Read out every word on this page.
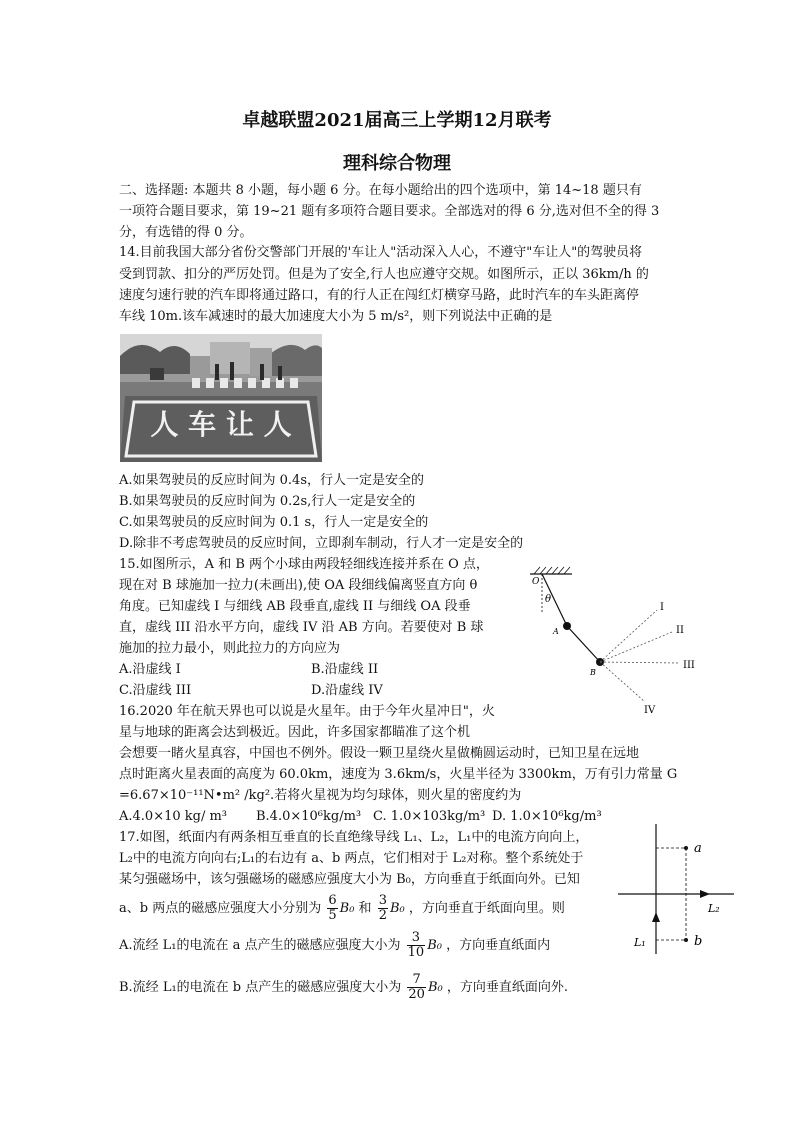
卓越联盟2021届高三上学期12月联考
理科综合物理
二、选择题: 本题共 8 小题，每小题 6 分。在每小题给出的四个选项中，第 14~18 题只有
一项符合题目要求，第 19~21 题有多项符合题目要求。全部选对的得 6 分,选对但不全的得 3
分，有选错的得 0 分。
14.目前我国大部分省份交警部门开展的'车让人"活动深入人心，不遵守"车让人"的驾驶员将
受到罚款、扣分的严厉处罚。但是为了安全,行人也应遵守交规。如图所示，正以 36km/h 的
速度匀速行驶的汽车即将通过路口，有的行人正在闯红灯横穿马路，此时汽车的车头距离停
车线 10m.该车减速时的最大加速度大小为 5 m/s²，则下列说法中正确的是
人 车 让 人
A.如果驾驶员的反应时间为 0.4s，行人一定是安全的
B.如果驾驶员的反应时间为 0.2s,行人一定是安全的
C.如果驾驶员的反应时间为 0.1 s，行人一定是安全的
D.除非不考虑驾驶员的反应时间，立即刹车制动，行人才一定是安全的
15.如图所示，A 和 B 两个小球由两段轻细线连接并系在 O 点，
现在对 B 球施加一拉力(未画出),使 OA 段细线偏离竖直方向 θ
角度。已知虚线 I 与细线 AB 段垂直,虚线 II 与细线 OA 段垂
直，虚线 III 沿水平方向，虚线 IV 沿 AB 方向。若要使对 B 球
施加的拉力最小，则此拉力的方向应为
A.沿虚线 I	B.沿虚线 II
C.沿虚线 III	D.沿虚线 IV
O
θ
A
B
I
II
III
IV
16.2020 年在航天界也可以说是火星年。由于今年火星冲日"，火
星与地球的距离会达到极近。因此，许多国家都瞄准了这个机
会想要一睹火星真容，中国也不例外。假设一颗卫星绕火星做椭圆运动时，已知卫星在远地
点时距离火星表面的高度为 60.0km，速度为 3.6km/s，火星半径为 3300km，万有引力常量 G
=6.67×10⁻¹¹N•m² /kg².若将火星视为均匀球体，则火星的密度约为
A.4.0×10 kg/ m³ B.4.0×10⁶kg/m³ C. 1.0×103kg/m³ D. 1.0×10⁶kg/m³
17.如图，纸面内有两条相互垂直的长直绝缘导线 L₁、L₂，L₁中的电流方向向上，
L₂中的电流方向向右;L₁的右边有 a、b 两点，它们相对于 L₂对称。整个系统处于
某匀强磁场中，该匀强磁场的磁感应强度大小为 B₀，方向垂直于纸面向外。已知
a、b 两点的磁感应强度大小分别为 $\frac{6}{5} B_0$ 和 $\frac{3}{2} B_0$ ，方向垂直于纸面向里。则
A.流经 L₁的电流在 a 点产生的磁感应强度大小为 $\frac{3}{10} B_0$ ，方向垂直纸面内
B.流经 L₁的电流在 b 点产生的磁感应强度大小为 $\frac{7}{20} B_0$ ，方向垂直纸面向外.
a
b
L₂
L₁
